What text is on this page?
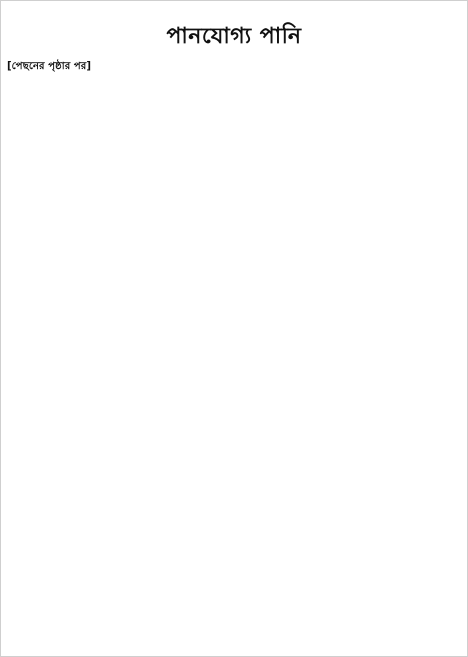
পানযোগ্য পানি
[পেছনের পৃষ্ঠার পর]
